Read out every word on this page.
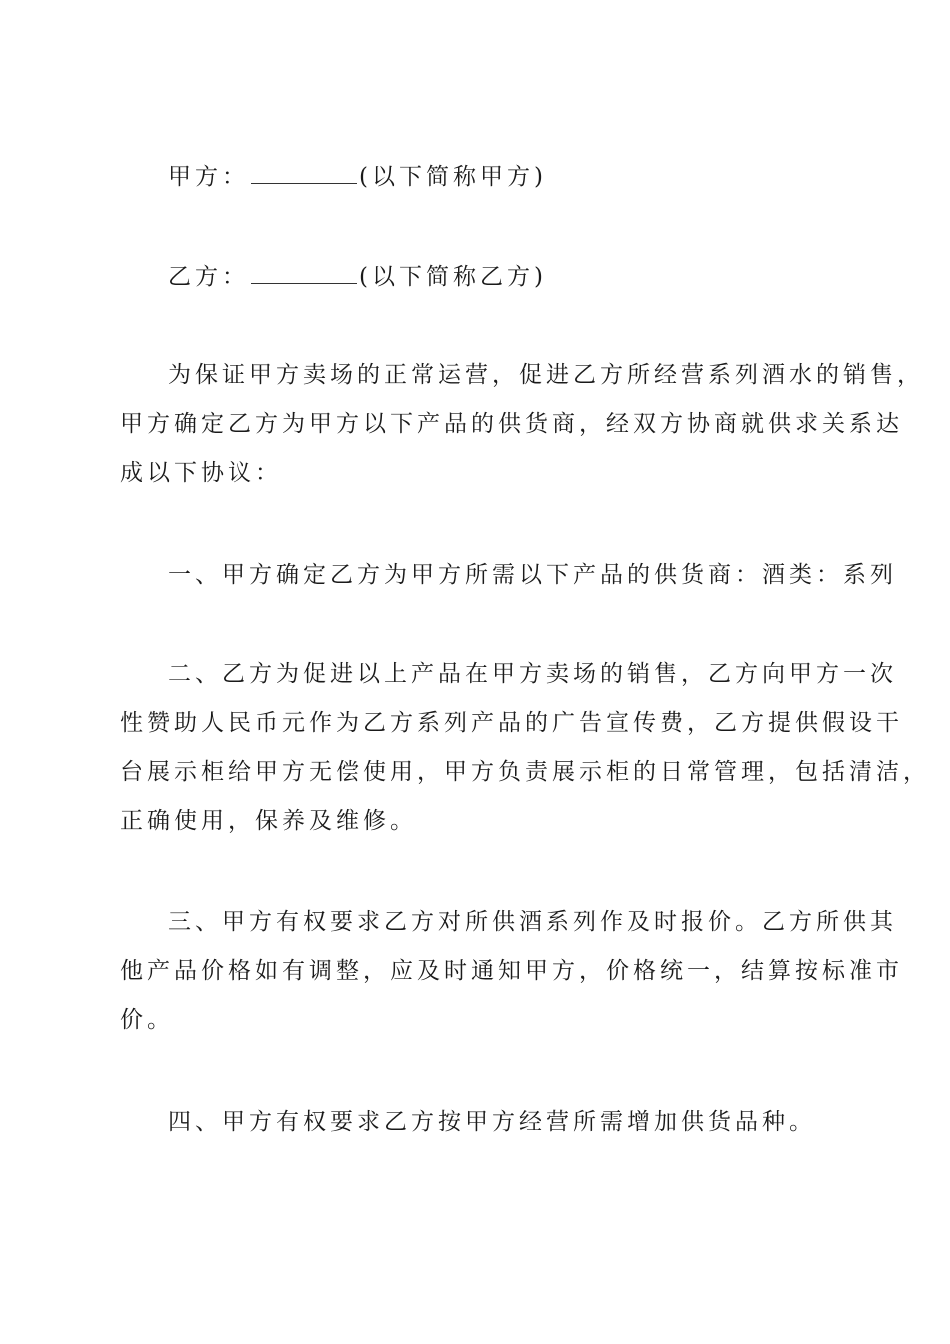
甲方：	(以下简称甲方)
乙方：	(以下简称乙方)
为保证甲方卖场的正常运营，促进乙方所经营系列酒水的销售，
甲方确定乙方为甲方以下产品的供货商，经双方协商就供求关系达
成以下协议：
一、甲方确定乙方为甲方所需以下产品的供货商：酒类：系列
二、乙方为促进以上产品在甲方卖场的销售，乙方向甲方一次
性赞助人民币元作为乙方系列产品的广告宣传费，乙方提供假设干
台展示柜给甲方无偿使用，甲方负责展示柜的日常管理，包括清洁，
正确使用，保养及维修。
三、甲方有权要求乙方对所供酒系列作及时报价。乙方所供其
他产品价格如有调整，应及时通知甲方，价格统一，结算按标准市
价。
四、甲方有权要求乙方按甲方经营所需增加供货品种。
